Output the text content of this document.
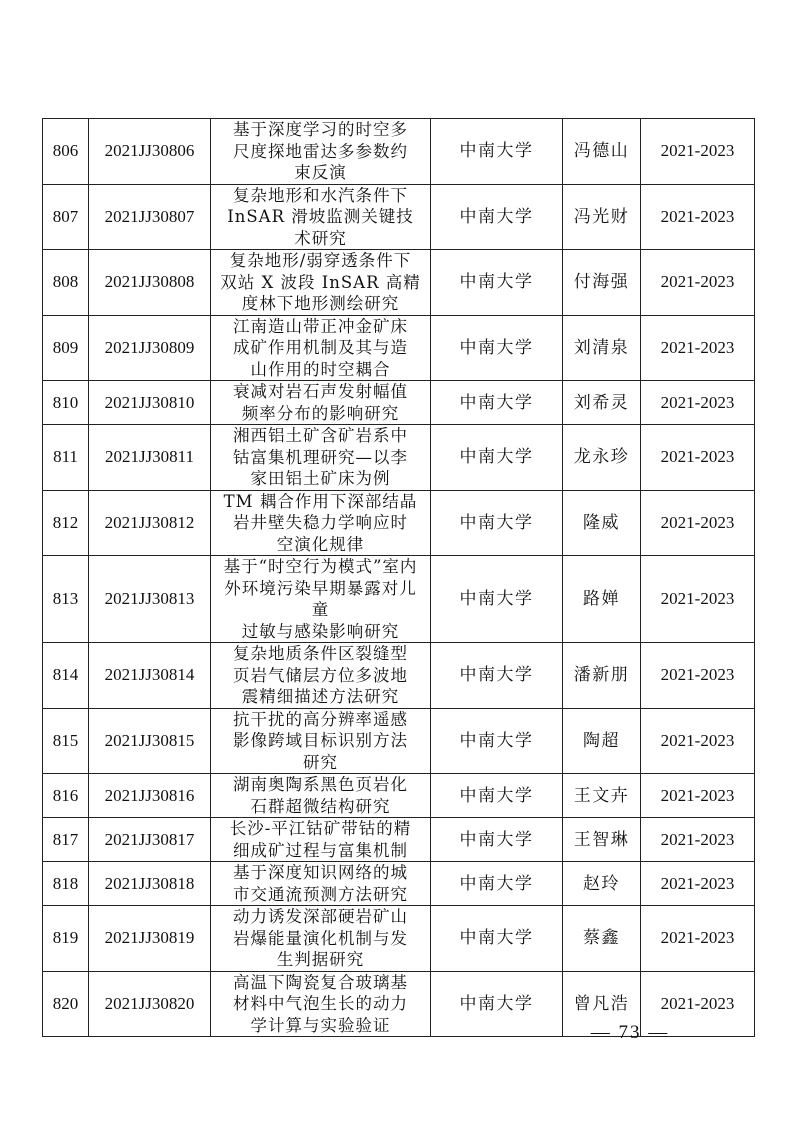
806	2021JJ30806	基于深度学习的时空多
尺度探地雷达多参数约
束反演	中南大学	冯德山	2021-2023
807	2021JJ30807	复杂地形和水汽条件下
InSAR 滑坡监测关键技
术研究	中南大学	冯光财	2021-2023
808	2021JJ30808	复杂地形/弱穿透条件下
双站 X 波段 InSAR 高精
度林下地形测绘研究	中南大学	付海强	2021-2023
809	2021JJ30809	江南造山带正冲金矿床
成矿作用机制及其与造
山作用的时空耦合	中南大学	刘清泉	2021-2023
810	2021JJ30810	衰减对岩石声发射幅值
频率分布的影响研究	中南大学	刘希灵	2021-2023
811	2021JJ30811	湘西铝土矿含矿岩系中
钴富集机理研究—以李
家田铝土矿床为例	中南大学	龙永珍	2021-2023
812	2021JJ30812	TM 耦合作用下深部结晶
岩井壁失稳力学响应时
空演化规律	中南大学	隆威	2021-2023
813	2021JJ30813	基于“时空行为模式”室内
外环境污染早期暴露对儿童
过敏与感染影响研究	中南大学	路婵	2021-2023
814	2021JJ30814	复杂地质条件区裂缝型
页岩气储层方位多波地
震精细描述方法研究	中南大学	潘新朋	2021-2023
815	2021JJ30815	抗干扰的高分辨率遥感
影像跨域目标识别方法
研究	中南大学	陶超	2021-2023
816	2021JJ30816	湖南奥陶系黑色页岩化
石群超微结构研究	中南大学	王文卉	2021-2023
817	2021JJ30817	长沙-平江钴矿带钴的精
细成矿过程与富集机制	中南大学	王智琳	2021-2023
818	2021JJ30818	基于深度知识网络的城
市交通流预测方法研究	中南大学	赵玲	2021-2023
819	2021JJ30819	动力诱发深部硬岩矿山
岩爆能量演化机制与发
生判据研究	中南大学	蔡鑫	2021-2023
820	2021JJ30820	高温下陶瓷复合玻璃基
材料中气泡生长的动力
学计算与实验验证	中南大学	曾凡浩	2021-2023
— 73 —
